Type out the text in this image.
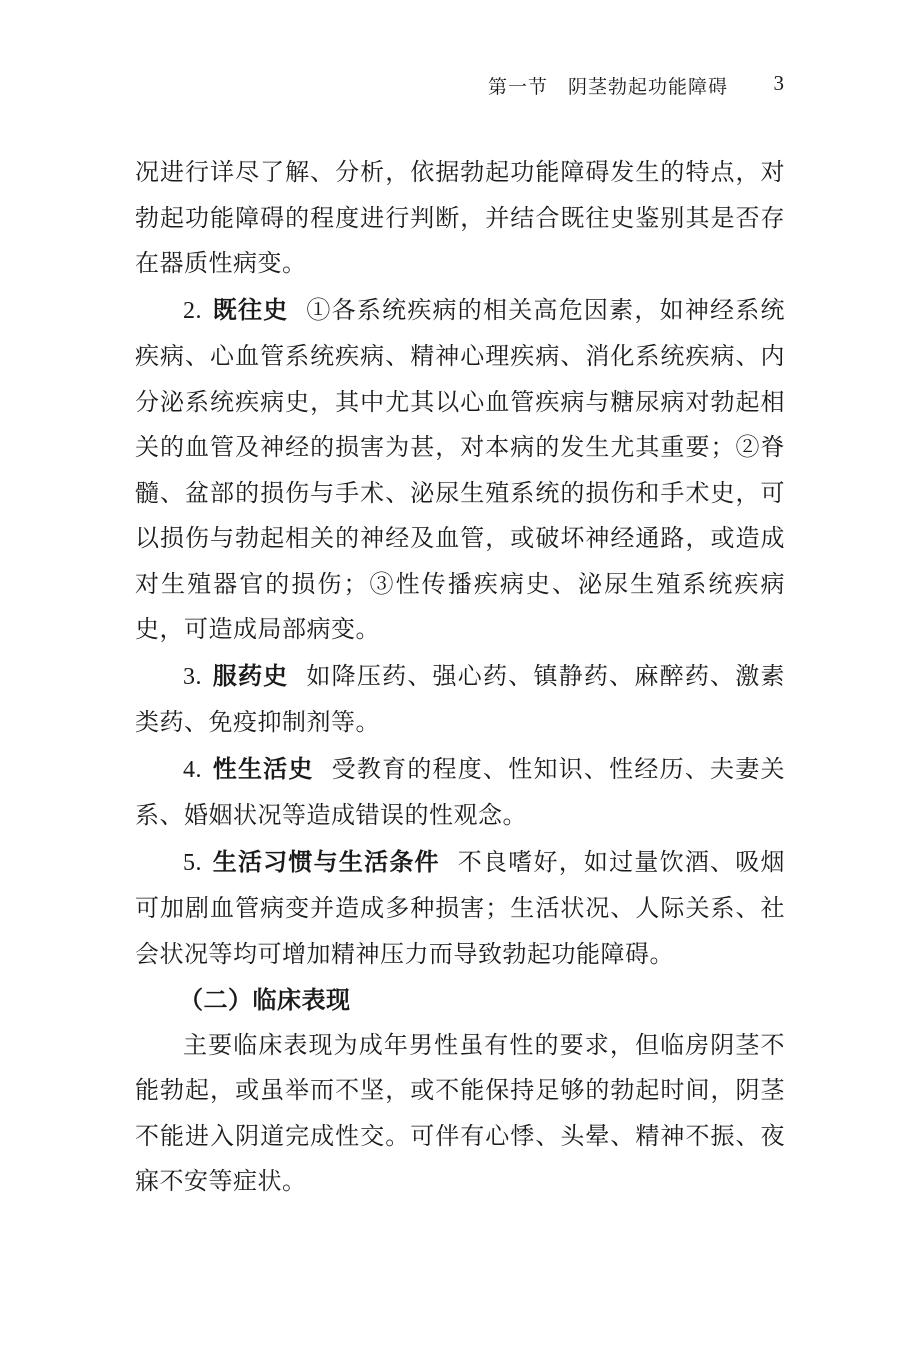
第一节　阴茎勃起功能障碍 3

况进行详尽了解、分析，依据勃起功能障碍发生的特点，对勃起功能障碍的程度进行判断，并结合既往史鉴别其是否存在器质性病变。

2. 既往史 ①各系统疾病的相关高危因素，如神经系统疾病、心血管系统疾病、精神心理疾病、消化系统疾病、内分泌系统疾病史，其中尤其以心血管疾病与糖尿病对勃起相关的血管及神经的损害为甚，对本病的发生尤其重要；②脊髓、盆部的损伤与手术、泌尿生殖系统的损伤和手术史，可以损伤与勃起相关的神经及血管，或破坏神经通路，或造成对生殖器官的损伤；③性传播疾病史、泌尿生殖系统疾病史，可造成局部病变。

3. 服药史 如降压药、强心药、镇静药、麻醉药、激素类药、免疫抑制剂等。

4. 性生活史 受教育的程度、性知识、性经历、夫妻关系、婚姻状况等造成错误的性观念。

5. 生活习惯与生活条件 不良嗜好，如过量饮酒、吸烟可加剧血管病变并造成多种损害；生活状况、人际关系、社会状况等均可增加精神压力而导致勃起功能障碍。

（二）临床表现

主要临床表现为成年男性虽有性的要求，但临房阴茎不能勃起，或虽举而不坚，或不能保持足够的勃起时间，阴茎不能进入阴道完成性交。可伴有心悸、头晕、精神不振、夜寐不安等症状。
